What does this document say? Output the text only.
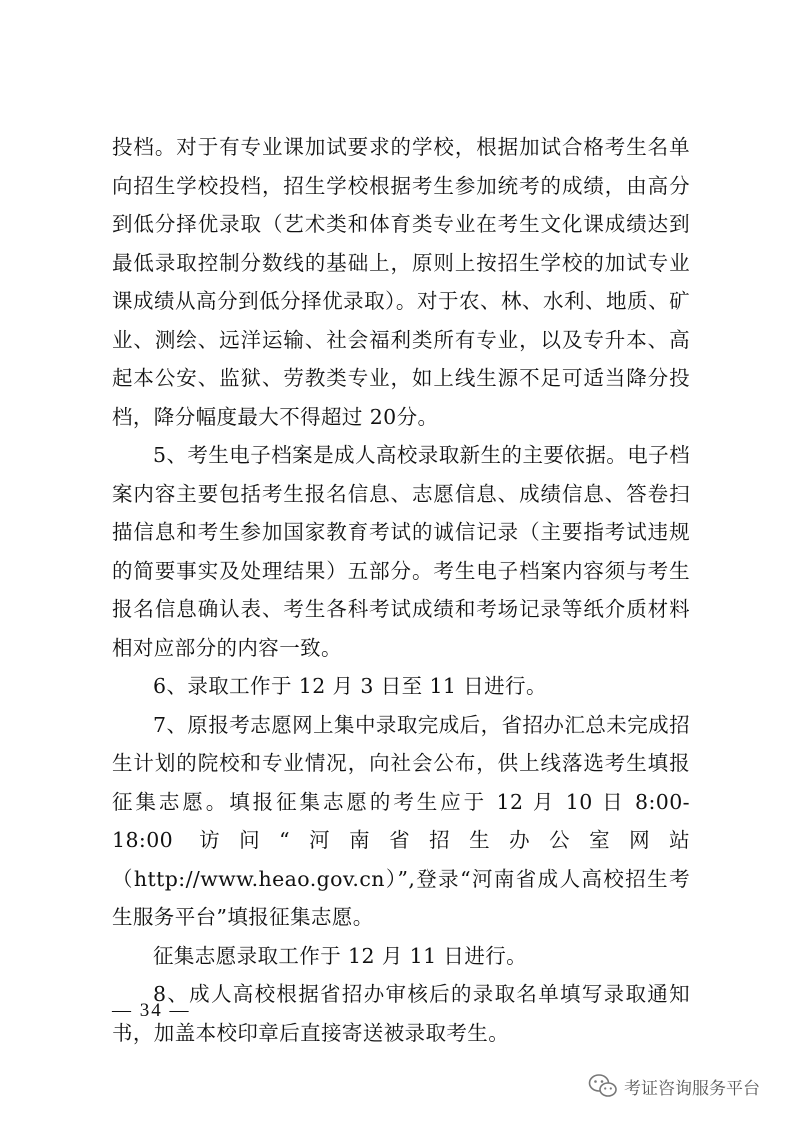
投档。对于有专业课加试要求的学校，根据加试合格考生名单向招生学校投档，招生学校根据考生参加统考的成绩，由高分到低分择优录取（艺术类和体育类专业在考生文化课成绩达到最低录取控制分数线的基础上，原则上按招生学校的加试专业课成绩从高分到低分择优录取）。对于农、林、水利、地质、矿业、测绘、远洋运输、社会福利类所有专业，以及专升本、高起本公安、监狱、劳教类专业，如上线生源不足可适当降分投档，降分幅度最大不得超过 20分。

5、考生电子档案是成人高校录取新生的主要依据。电子档案内容主要包括考生报名信息、志愿信息、成绩信息、答卷扫描信息和考生参加国家教育考试的诚信记录（主要指考试违规的简要事实及处理结果）五部分。考生电子档案内容须与考生报名信息确认表、考生各科考试成绩和考场记录等纸介质材料相对应部分的内容一致。

6、录取工作于 12 月 3 日至 11 日进行。

7、原报考志愿网上集中录取完成后，省招办汇总未完成招生计划的院校和专业情况，向社会公布，供上线落选考生填报征集志愿。填报征集志愿的考生应于 12 月 10 日 8:00-18:00 访问“河南省招生办公室网站（http://www.heao.gov.cn）”,登录“河南省成人高校招生考生服务平台”填报征集志愿。

征集志愿录取工作于 12 月 11 日进行。

8、成人高校根据省招办审核后的录取名单填写录取通知书，加盖本校印章后直接寄送被录取考生。

— 34 —
考证咨询服务平台
